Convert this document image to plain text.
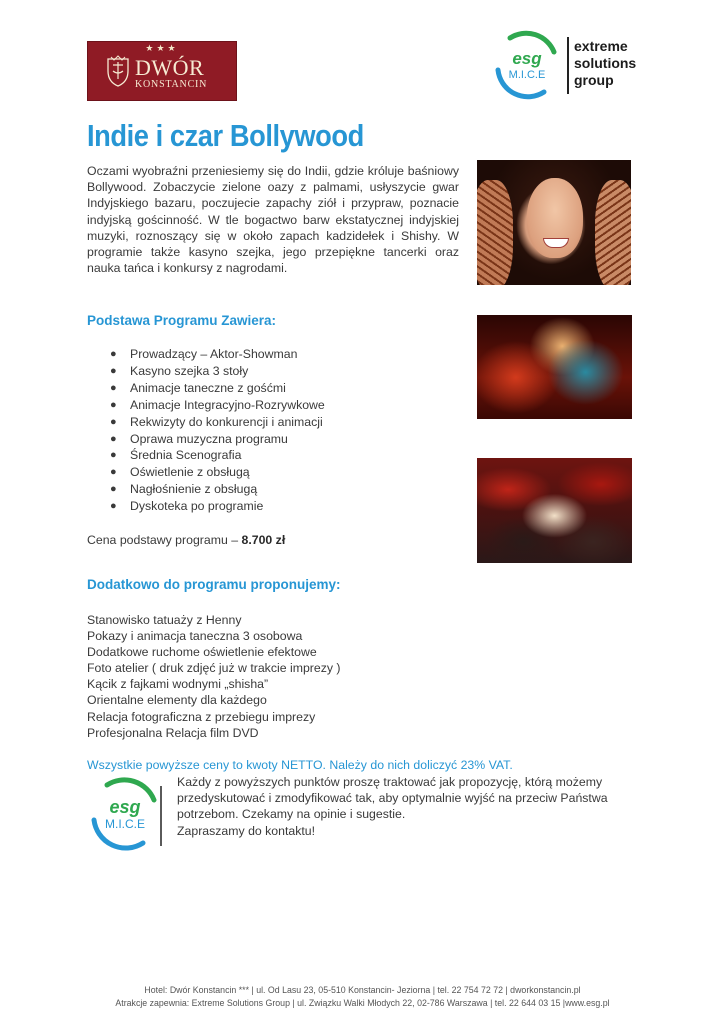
★★★
DWÓR
KONSTANCIN
esg
M.I.C.E
extreme
solutions
group
Indie i czar Bollywood
Oczami wyobraźni przeniesiemy się do Indii, gdzie króluje baśniowy Bollywood. Zobaczycie zielone oazy z palmami, usłyszycie gwar Indyjskiego bazaru, poczujecie zapachy ziół i przypraw, poznacie indyjską gościnność. W tle bogactwo barw ekstatycznej indyjskiej muzyki, roznoszący się w około zapach kadzidełek i Shishy. W programie także kasyno szejka, jego przepiękne tancerki oraz nauka tańca i konkursy z nagrodami.
Podstawa Programu Zawiera:
● Prowadzący – Aktor-Showman
● Kasyno szejka 3 stoły
● Animacje taneczne z gośćmi
● Animacje Integracyjno-Rozrywkowe
● Rekwizyty do konkurencji i animacji
● Oprawa muzyczna programu
● Średnia Scenografia
● Oświetlenie z obsługą
● Nagłośnienie z obsługą
● Dyskoteka po programie
Cena podstawy programu – 8.700 zł
Dodatkowo do programu proponujemy:
Stanowisko tatuaży z Henny
Pokazy i animacja taneczna 3 osobowa
Dodatkowe ruchome oświetlenie efektowe
Foto atelier ( druk zdjęć już w trakcie imprezy )
Kącik z fajkami wodnymi „shisha”
Orientalne elementy dla każdego
Relacja fotograficzna z przebiegu imprezy
Profesjonalna Relacja film DVD
Wszystkie powyższe ceny to kwoty NETTO. Należy do nich doliczyć 23% VAT.
esg
M.I.C.E
Każdy z powyższych punktów proszę traktować jak propozycję, którą możemy
przedyskutować i zmodyfikować tak, aby optymalnie wyjść na przeciw Państwa
potrzebom. Czekamy na opinie i sugestie.
Zapraszamy do kontaktu!
Hotel: Dwór Konstancin *** | ul. Od Lasu 23, 05-510 Konstancin- Jeziorna | tel. 22 754 72 72 | dworkonstancin.pl
Atrakcje zapewnia: Extreme Solutions Group | ul. Związku Walki Młodych 22, 02-786 Warszawa | tel. 22 644 03 15 |www.esg.pl
